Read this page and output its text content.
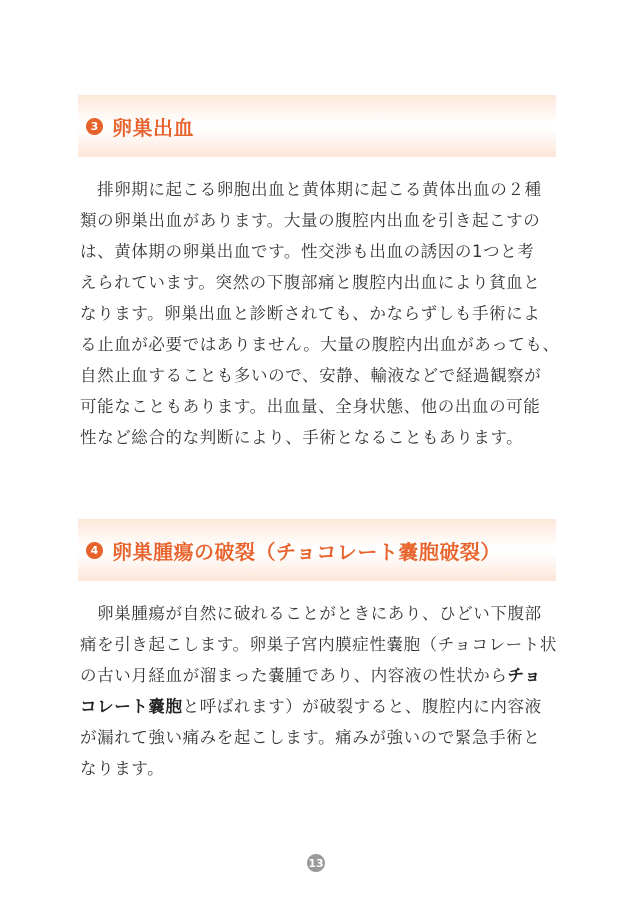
3 卵巣出血
　排卵期に起こる卵胞出血と黄体期に起こる黄体出血の２種
類の卵巣出血があります。大量の腹腔内出血を引き起こすの
は、黄体期の卵巣出血です。性交渉も出血の誘因の1つと考
えられています。突然の下腹部痛と腹腔内出血により貧血と
なります。卵巣出血と診断されても、かならずしも手術によ
る止血が必要ではありません。大量の腹腔内出血があっても、
自然止血することも多いので、安静、輸液などで経過観察が
可能なこともあります。出血量、全身状態、他の出血の可能
性など総合的な判断により、手術となることもあります。
4 卵巣腫瘍の破裂（チョコレート嚢胞破裂）
　卵巣腫瘍が自然に破れることがときにあり、ひどい下腹部
痛を引き起こします。卵巣子宮内膜症性嚢胞（チョコレート状
の古い月経血が溜まった嚢腫であり、内容液の性状からチョ
コレート嚢胞と呼ばれます）が破裂すると、腹腔内に内容液
が漏れて強い痛みを起こします。痛みが強いので緊急手術と
なります。
13
